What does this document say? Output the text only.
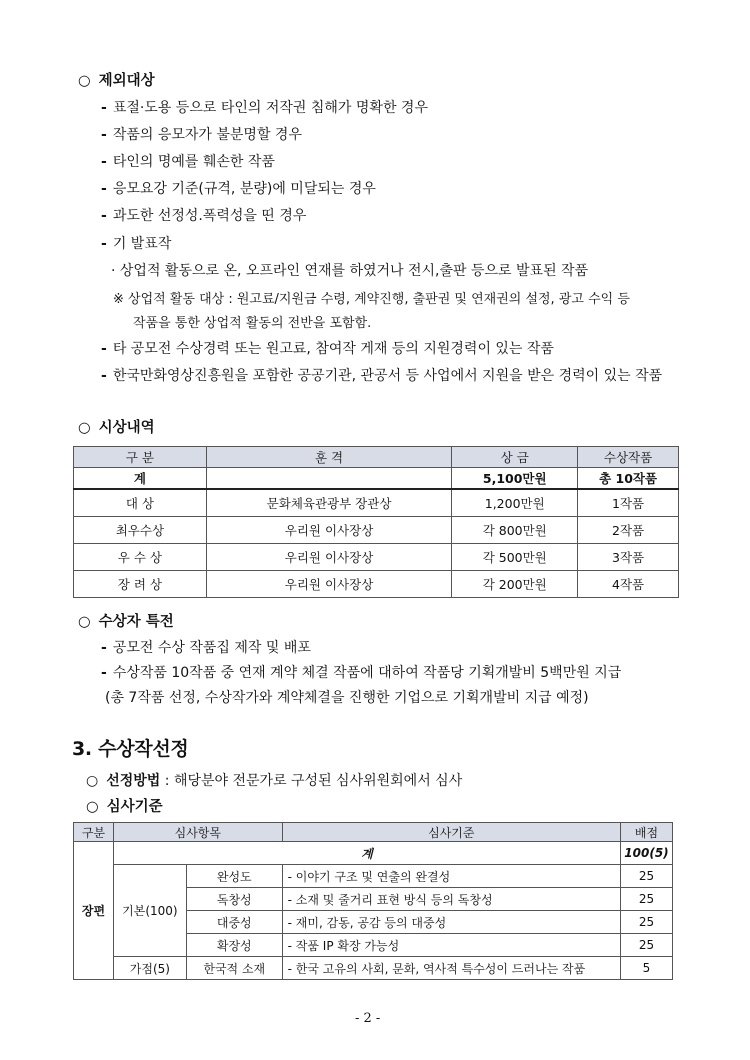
○ 제외대상
- 표절·도용 등으로 타인의 저작권 침해가 명확한 경우
- 작품의 응모자가 불분명할 경우
- 타인의 명예를 훼손한 작품
- 응모요강 기준(규격, 분량)에 미달되는 경우
- 과도한 선정성.폭력성을 띤 경우
- 기 발표작
· 상업적 활동으로 온, 오프라인 연재를 하였거나 전시,출판 등으로 발표된 작품
※ 상업적 활동 대상 : 원고료/지원금 수령, 계약진행, 출판권 및 연재권의 설정, 광고 수익 등
작품을 통한 상업적 활동의 전반을 포함함.
- 타 공모전 수상경력 또는 원고료, 참여작 게재 등의 지원경력이 있는 작품
- 한국만화영상진흥원을 포함한 공공기관, 관공서 등 사업에서 지원을 받은 경력이 있는 작품
○ 시상내역
구 분	훈 격	상 금	수상작품
계		5,100만원	총 10작품
대 상	문화체육관광부 장관상	1,200만원	1작품
최우수상	우리원 이사장상	각 800만원	2작품
우 수 상	우리원 이사장상	각 500만원	3작품
장 려 상	우리원 이사장상	각 200만원	4작품
○ 수상자 특전
- 공모전 수상 작품집 제작 및 배포
- 수상작품 10작품 중 연재 계약 체결 작품에 대하여 작품당 기획개발비 5백만원 지급
(총 7작품 선정, 수상작가와 계약체결을 진행한 기업으로 기획개발비 지급 예정)
3. 수상작선정
○ 선정방법 : 해당분야 전문가로 구성된 심사위원회에서 심사
○ 심사기준
구분	심사항목		심사기준	배점
장편	계			100(5)
	기본(100)	완성도	- 이야기 구조 및 연출의 완결성	25
		독창성	- 소재 및 줄거리 표현 방식 등의 독창성	25
		대중성	- 재미, 감동, 공감 등의 대중성	25
		확장성	- 작품 IP 확장 가능성	25
	가점(5)	한국적 소재	- 한국 고유의 사회, 문화, 역사적 특수성이 드러나는 작품	5
- 2 -
